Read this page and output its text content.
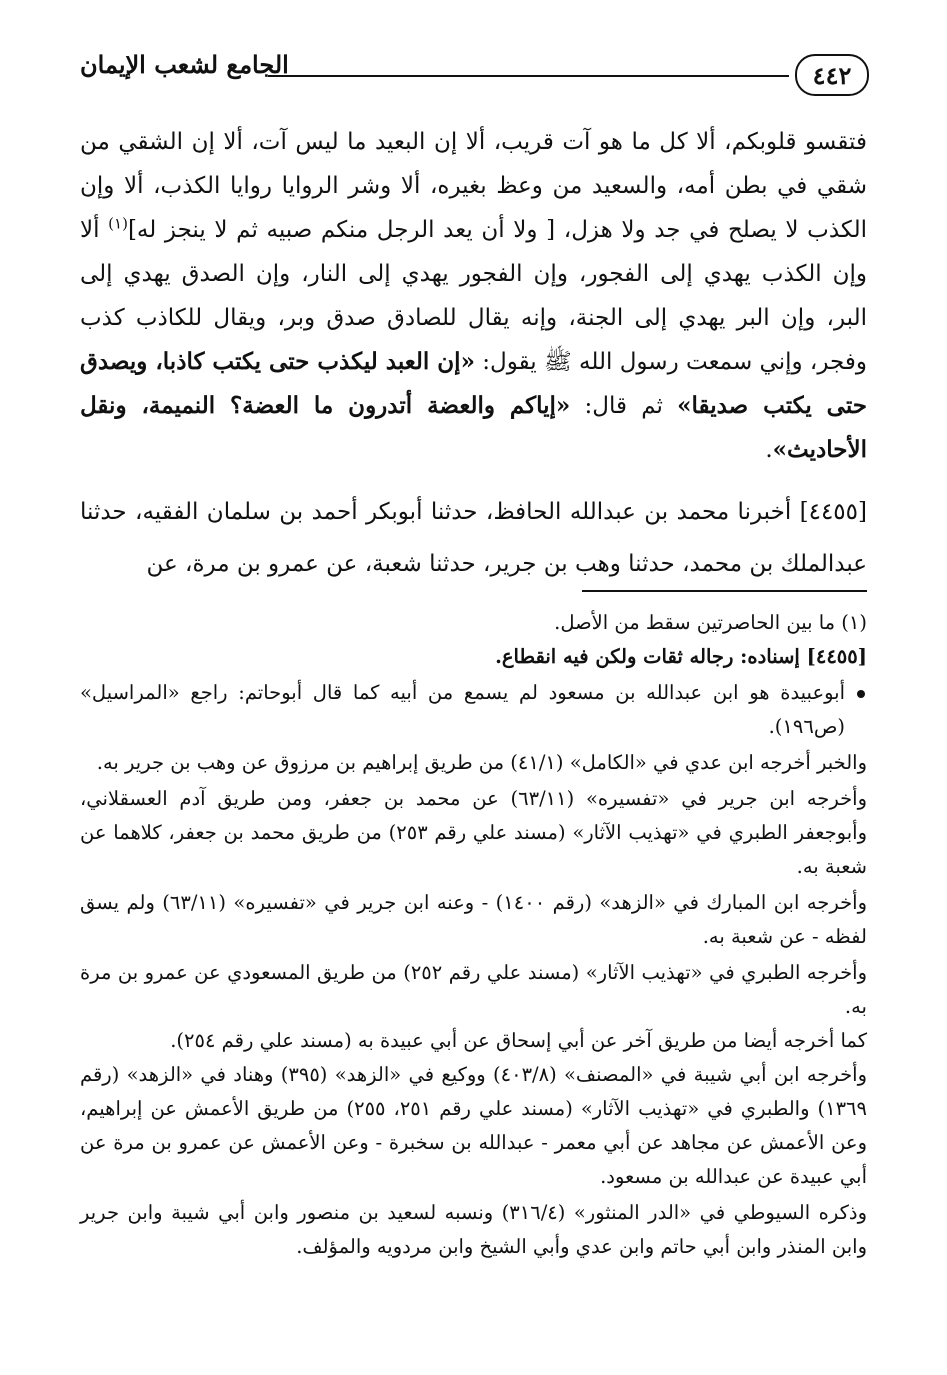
٤٤٢
الجامع لشعب الإيمان

فتقسو قلوبكم، ألا كل ما هو آت قريب، ألا إن البعيد ما ليس آت، ألا إن الشقي من شقي في بطن أمه، والسعيد من وعظ بغيره، ألا وشر الروايا روايا الكذب، ألا وإن الكذب لا يصلح في جد ولا هزل، [ ولا أن يعد الرجل منكم صبيه ثم لا ينجز له]$^{(١)}$ ألا وإن الكذب يهدي إلى الفجور، وإن الفجور يهدي إلى النار، وإن الصدق يهدي إلى البر، وإن البر يهدي إلى الجنة، وإنه يقال للصادق صدق وبر، ويقال للكاذب كذب وفجر، وإني سمعت رسول الله ﷺ يقول: «إن العبد ليكذب حتى يكتب كاذبا، ويصدق حتى يكتب صديقا» ثم قال: «إياكم والعضة أتدرون ما العضة؟ النميمة، ونقل الأحاديث».

[٤٤٥٥] أخبرنا محمد بن عبدالله الحافظ، حدثنا أبوبكر أحمد بن سلمان الفقيه، حدثنا عبدالملك بن محمد، حدثنا وهب بن جرير، حدثنا شعبة، عن عمرو بن مرة، عن

(١) ما بين الحاصرتين سقط من الأصل.

[٤٤٥٥] إسناده: رجاله ثقات ولكن فيه انقطاع.

أبوعبيدة هو ابن عبدالله بن مسعود لم يسمع من أبيه كما قال أبوحاتم: راجع «المراسيل» (ص١٩٦).

والخبر أخرجه ابن عدي في «الكامل» (٤١/١) من طريق إبراهيم بن مرزوق عن وهب بن جرير به.

وأخرجه ابن جرير في «تفسيره» (٦٣/١١) عن محمد بن جعفر، ومن طريق آدم العسقلاني، وأبوجعفر الطبري في «تهذيب الآثار» (مسند علي رقم ٢٥٣) من طريق محمد بن جعفر، كلاهما عن شعبة به.

وأخرجه ابن المبارك في «الزهد» (رقم ١٤٠٠) - وعنه ابن جرير في «تفسيره» (٦٣/١١) ولم يسق لفظه - عن شعبة به.

وأخرجه الطبري في «تهذيب الآثار» (مسند علي رقم ٢٥٢) من طريق المسعودي عن عمرو بن مرة به.

كما أخرجه أيضا من طريق آخر عن أبي إسحاق عن أبي عبيدة به (مسند علي رقم ٢٥٤).

وأخرجه ابن أبي شيبة في «المصنف» (٤٠٣/٨) ووكيع في «الزهد» (٣٩٥) وهناد في «الزهد» (رقم ١٣٦٩) والطبري في «تهذيب الآثار» (مسند علي رقم ٢٥١، ٢٥٥) من طريق الأعمش عن إبراهيم، وعن الأعمش عن مجاهد عن أبي معمر - عبدالله بن سخبرة - وعن الأعمش عن عمرو بن مرة عن أبي عبيدة عن عبدالله بن مسعود.

وذكره السيوطي في «الدر المنثور» (٣١٦/٤) ونسبه لسعيد بن منصور وابن أبي شيبة وابن جرير وابن المنذر وابن أبي حاتم وابن عدي وأبي الشيخ وابن مردويه والمؤلف.
